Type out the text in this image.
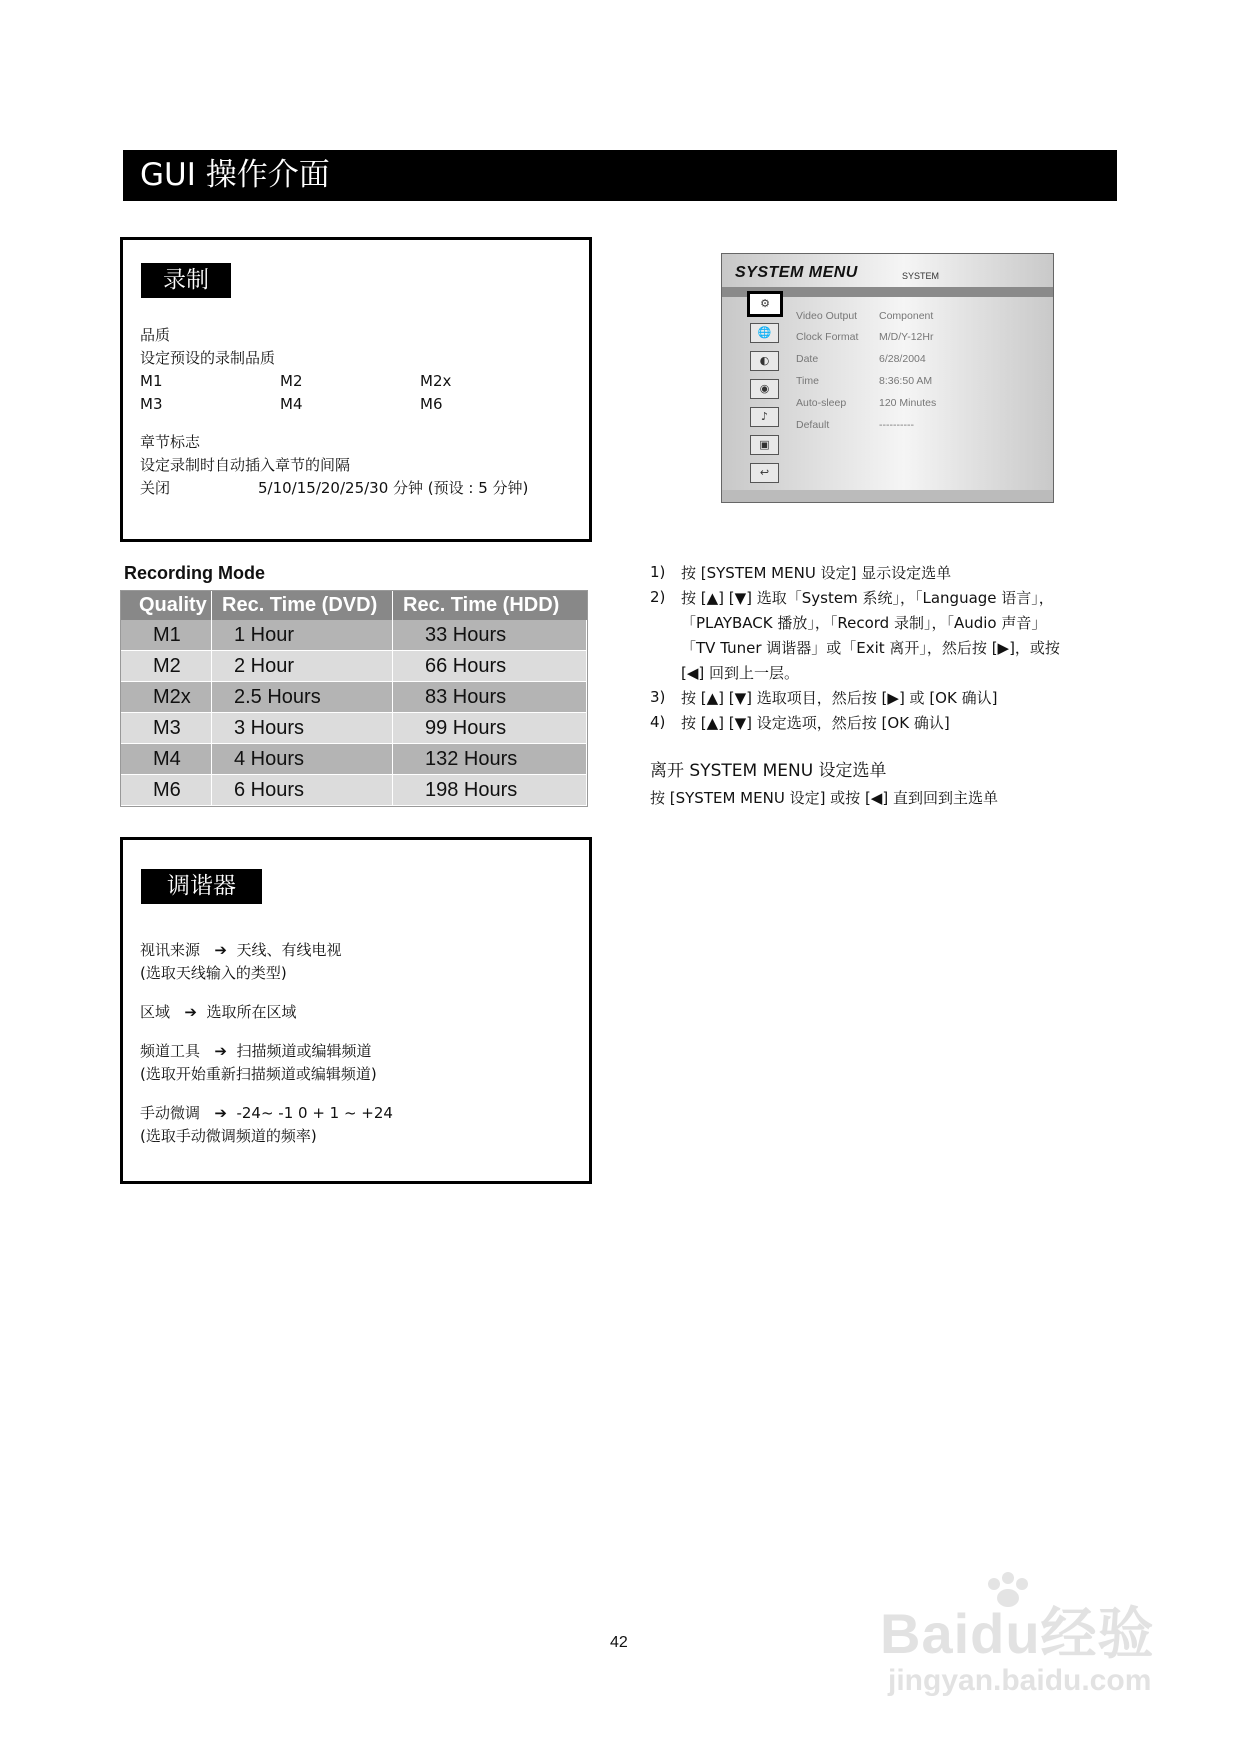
GUI 操作介面
录制
品质
设定预设的录制品质
M1	M2	M2x
M3	M4	M6
章节标志
设定录制时自动插入章节的间隔
关闭	5/10/15/20/25/30 分钟 (预设 : 5 分钟)
Recording Mode
Quality	Rec. Time (DVD)	Rec. Time (HDD)
M1	1 Hour	33 Hours
M2	2 Hour	66 Hours
M2x	2.5 Hours	83 Hours
M3	3 Hours	99 Hours
M4	4 Hours	132 Hours
M6	6 Hours	198 Hours
调谐器
视讯来源   ➔  天线、有线电视
(选取天线输入的类型)
区域   ➔  选取所在区域
频道工具   ➔  扫描频道或编辑频道
(选取开始重新扫描频道或编辑频道)
手动微调   ➔  -24~ -1 0 + 1 ~ +24
(选取手动微调频道的频率)
SYSTEM MENU	SYSTEM
⚙
🌐
◐
◉
♪
▣
↩
Video Output Component
Clock Format M/D/Y-12Hr
Date	6/28/2004
Time	8:36:50 AM
Auto-sleep	120 Minutes
Default	----------
1) 按 [SYSTEM MENU 设定] 显示设定选单
2) 按 [▲] [▼] 选取「System 系统」，「Language 语言」，
「PLAYBACK 播放」，「Record 录制」，「Audio 声音」
「TV Tuner 调谐器」或「Exit 离开」，然后按 [▶]，或按
[◀] 回到上一层。
3) 按 [▲] [▼] 选取项目，然后按 [▶] 或 [OK 确认]
4) 按 [▲] [▼] 设定选项，然后按 [OK 确认]
离开 SYSTEM MENU 设定选单
按 [SYSTEM MENU 设定] 或按 [◀] 直到回到主选单
42	Baidu经验
jingyan.baidu.com
